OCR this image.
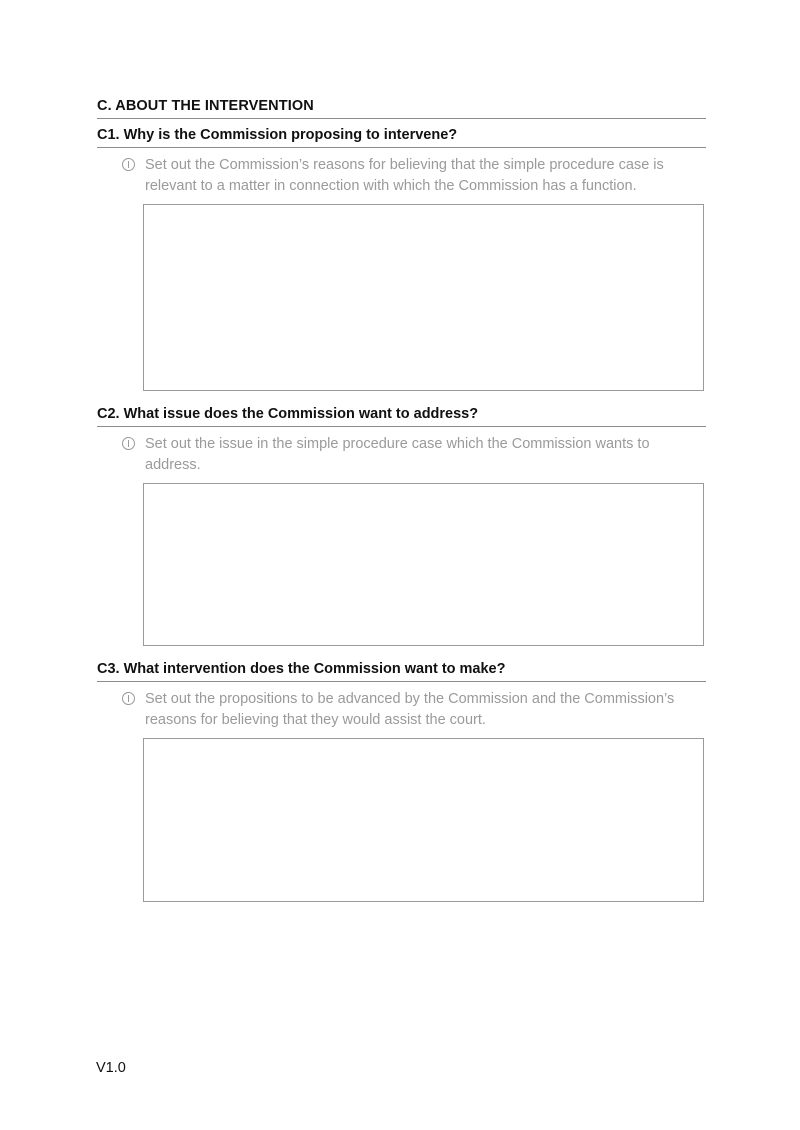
C. ABOUT THE INTERVENTION
C1. Why is the Commission proposing to intervene?
Set out the Commission’s reasons for believing that the simple procedure case is relevant to a matter in connection with which the Commission has a function.
C2. What issue does the Commission want to address?
Set out the issue in the simple procedure case which the Commission wants to address.
C3. What intervention does the Commission want to make?
Set out the propositions to be advanced by the Commission and the Commission’s reasons for believing that they would assist the court.
V1.0
